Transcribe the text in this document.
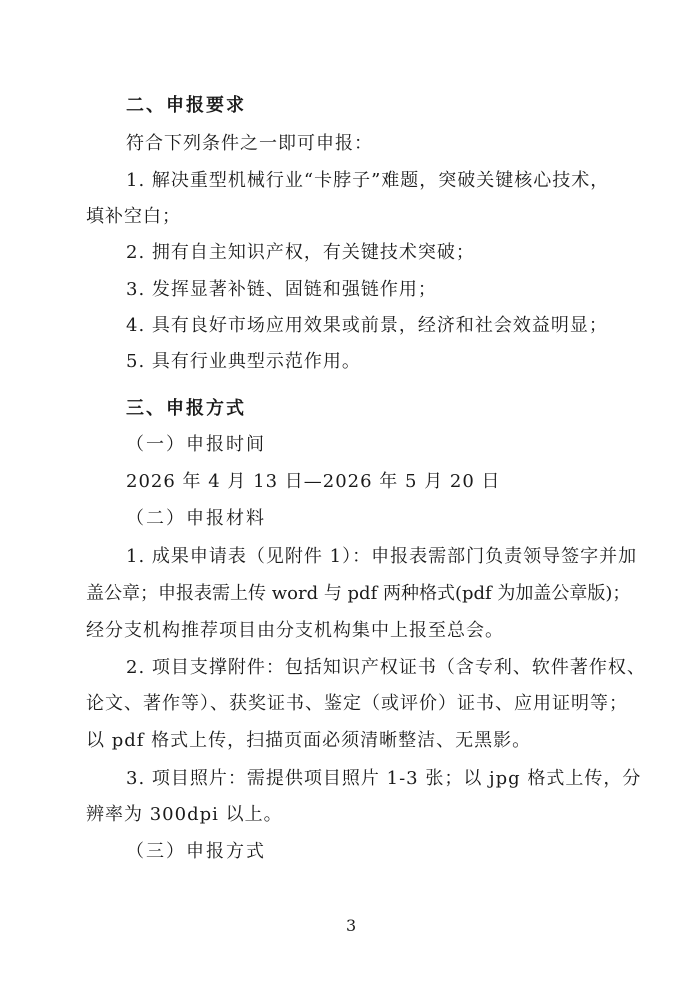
二、申报要求
符合下列条件之一即可申报：
1. 解决重型机械行业“卡脖子”难题，突破关键核心技术，
填补空白；
2. 拥有自主知识产权，有关键技术突破；
3. 发挥显著补链、固链和强链作用；
4. 具有良好市场应用效果或前景，经济和社会效益明显；
5. 具有行业典型示范作用。
三、申报方式
（一）申报时间
2026 年 4 月 13 日—2026 年 5 月 20 日
（二）申报材料
1. 成果申请表（见附件 1）：申报表需部门负责领导签字并加
盖公章；申报表需上传 word 与 pdf 两种格式(pdf 为加盖公章版)；
经分支机构推荐项目由分支机构集中上报至总会。
2. 项目支撑附件：包括知识产权证书（含专利、软件著作权、
论文、著作等）、获奖证书、鉴定（或评价）证书、应用证明等；
以 pdf 格式上传，扫描页面必须清晰整洁、无黑影。
3. 项目照片：需提供项目照片 1-3 张；以 jpg 格式上传，分
辨率为 300dpi 以上。
（三）申报方式
3
